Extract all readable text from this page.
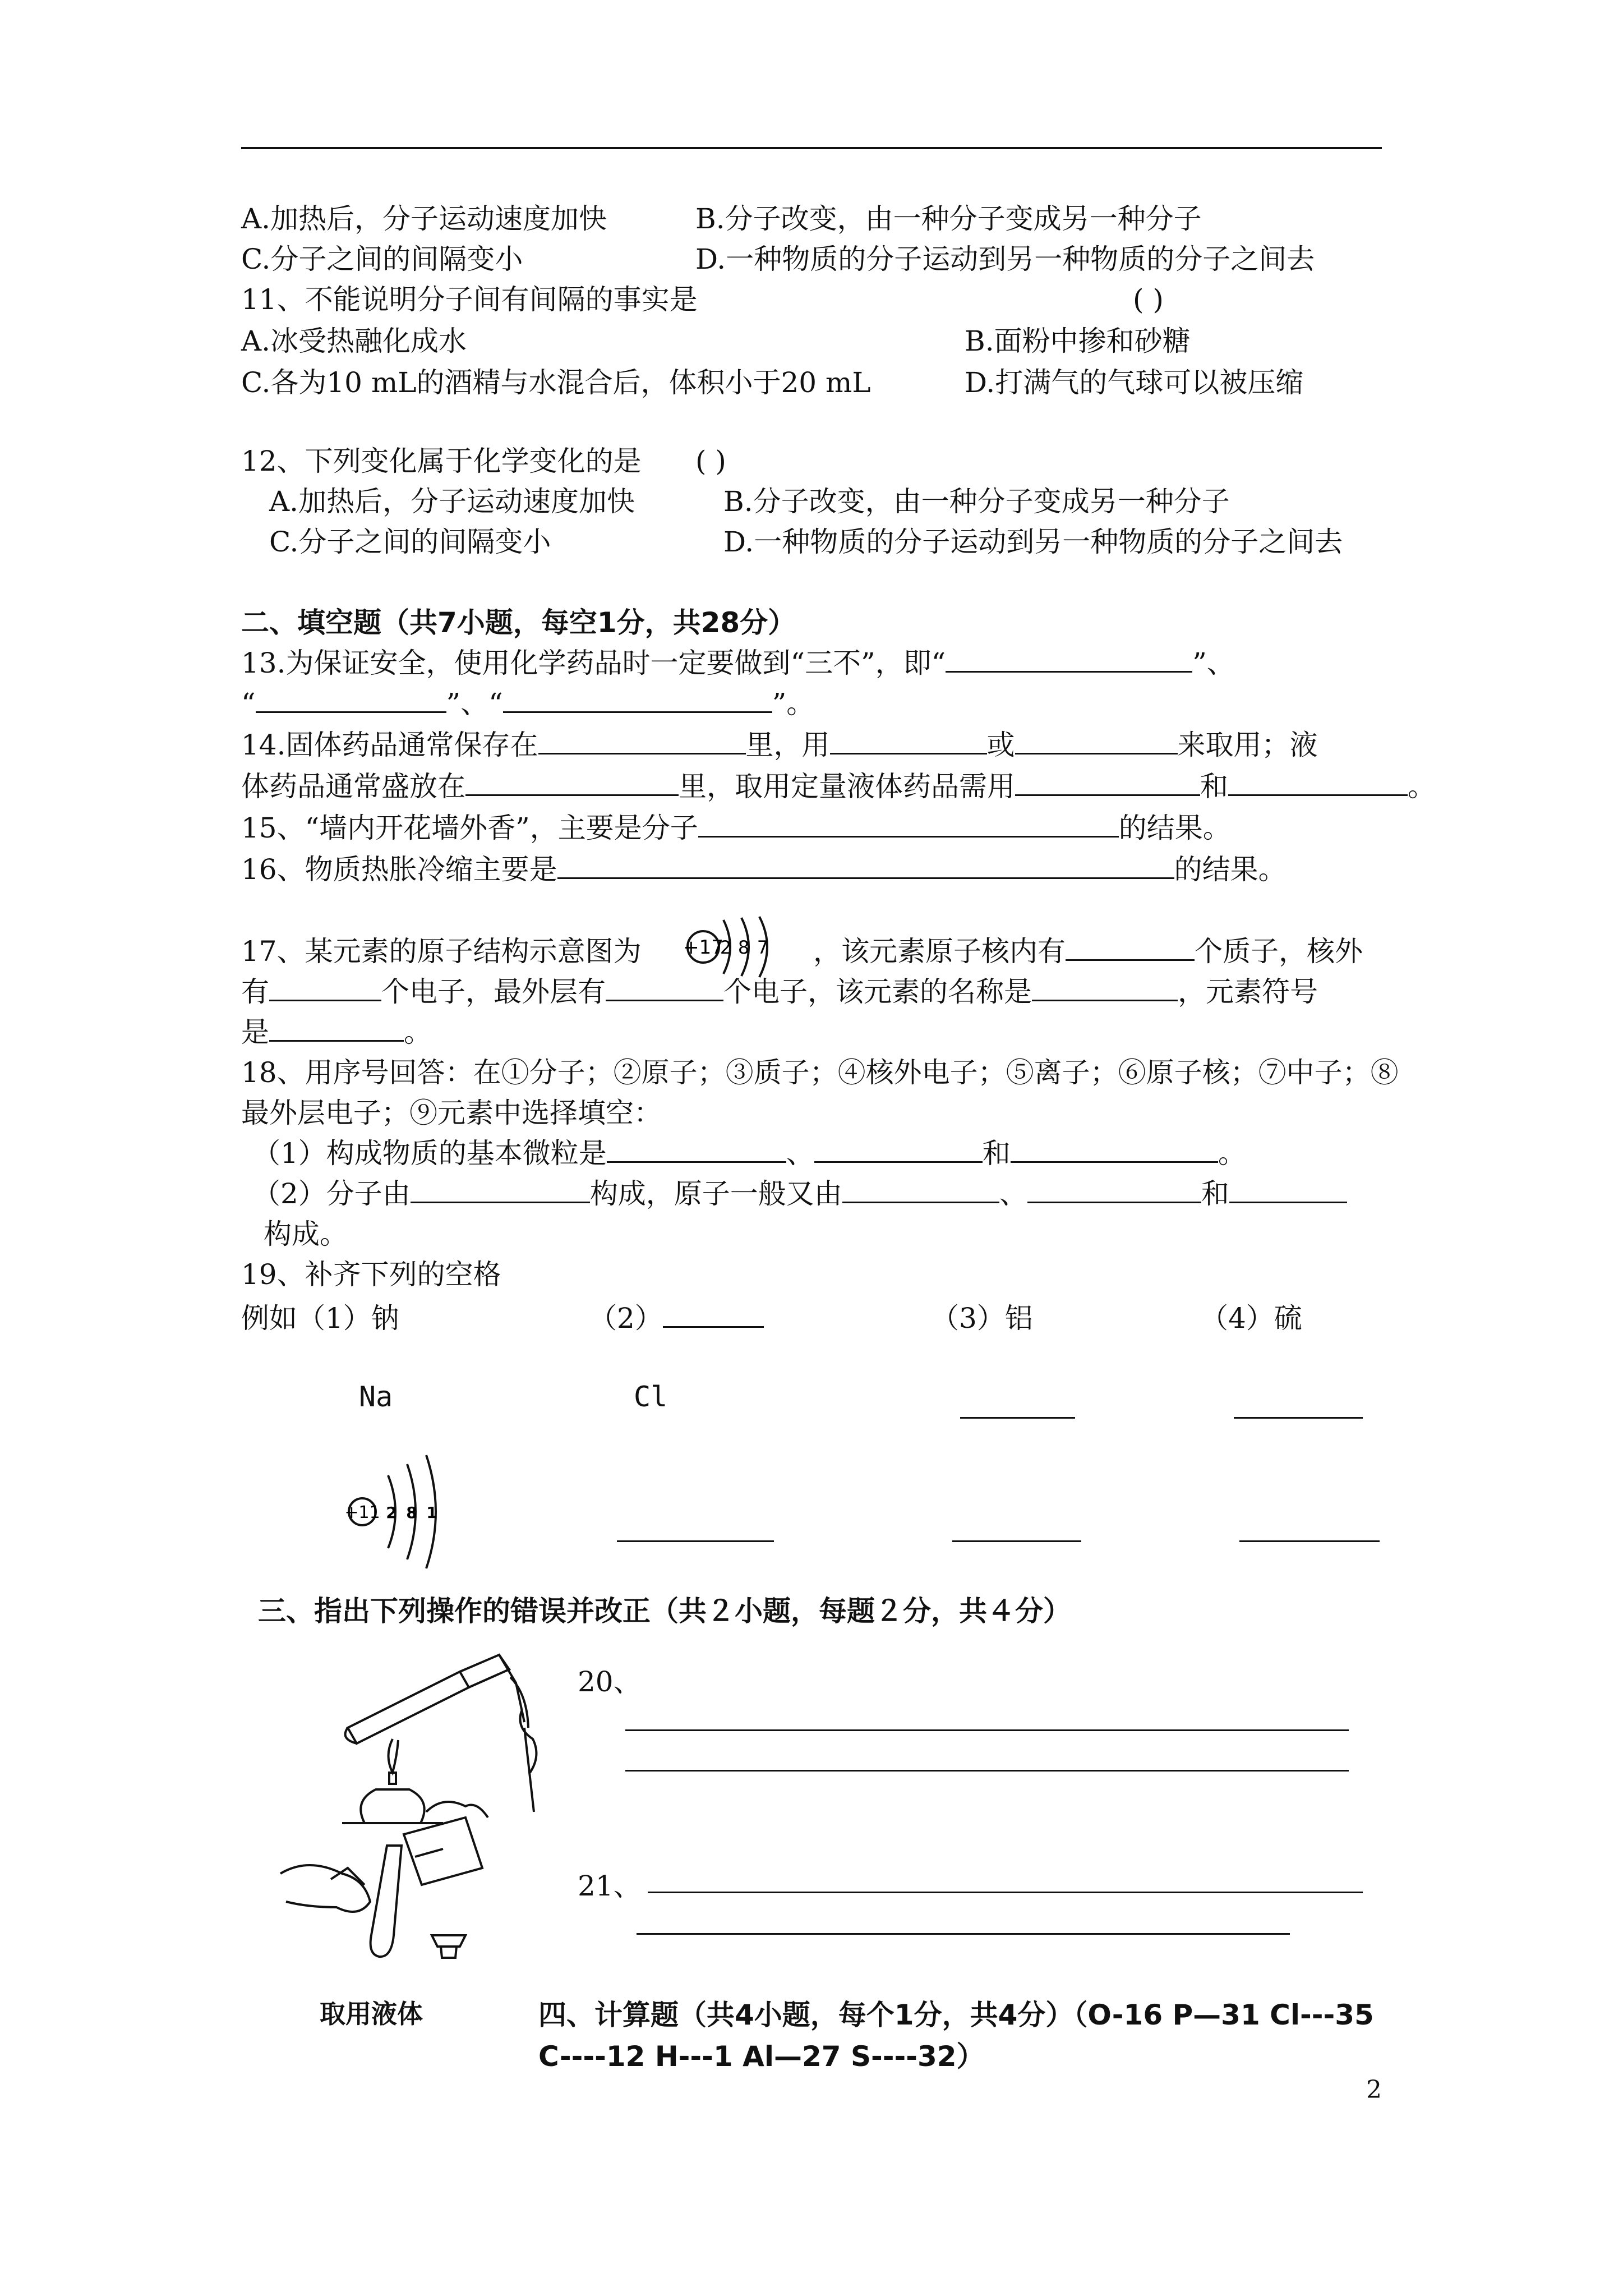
A.加热后，分子运动速度加快	B.分子改变，由一种分子变成另一种分子
C.分子之间的间隔变小	D.一种物质的分子运动到另一种物质的分子之间去
11、不能说明分子间有间隔的事实是	( )
A.冰受热融化成水	B.面粉中掺和砂糖
C.各为10 mL的酒精与水混合后，体积小于20 mL	D.打满气的气球可以被压缩
12、下列变化属于化学变化的是 ( )
A.加热后，分子运动速度加快	B.分子改变，由一种分子变成另一种分子
C.分子之间的间隔变小	D.一种物质的分子运动到另一种物质的分子之间去
二、填空题（共7小题，每空1分，共28分）
13.为保证安全，使用化学药品时一定要做到“三不”，即“	”、
“	”、“	”。
14.固体药品通常保存在	里，用	或	来取用；液
体药品通常盛放在	里，取用定量液体药品需用	和	。
15、“墙内开花墙外香”，主要是分子	的结果。
16、物质热胀冷缩主要是	的结果。
17、某元素的原子结构示意图为 +17
2 8 7 ，该元素原子核内有	个质子，核外
有	个电子，最外层有	个电子，该元素的名称是	，元素符号
是	。
18、用序号回答：在①分子；②原子；③质子；④核外电子；⑤离子；⑥原子核；⑦中子；⑧
最外层电子；⑨元素中选择填空：
（1）构成物质的基本微粒是	、	和	。
（2）分子由	构成，原子一般又由	、	和
构成。
19、补齐下列的空格
例如（1）钠	（2）	（3）铝	（4）硫
Na	Cl
+11 2 8 1
三、指出下列操作的错误并改正（共２小题，每题２分，共４分）
20、
取用液体
21、
四、计算题（共4小题，每个1分，共4分）（O-16 P—31 Cl---35
C----12 H---1 Al—27 S----32）
2
